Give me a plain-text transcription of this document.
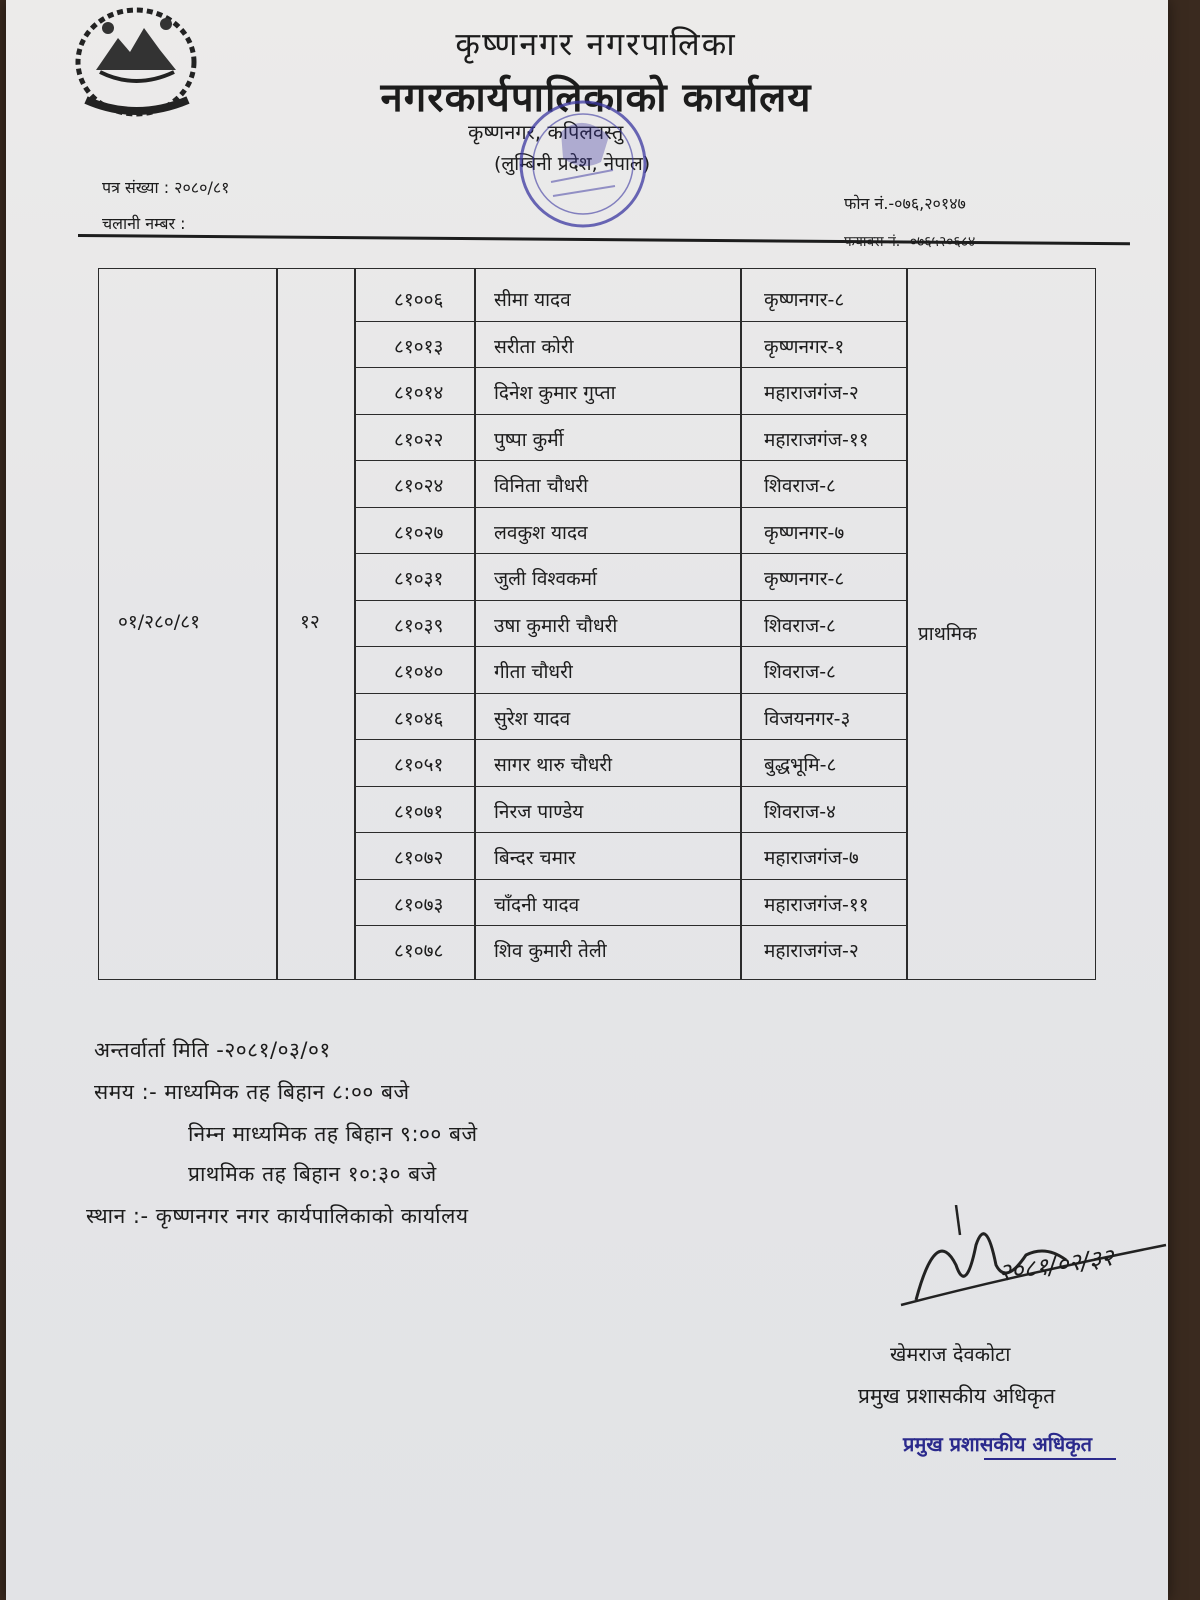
कृष्णनगर नगरपालिका
नगरकार्यपालिकाको कार्यालय
कृष्णनगर, कपिलवस्तु
(लुम्बिनी प्रदेश, नेपाल)
पत्र संख्या : २०८०/८१
चलानी नम्बर :
फोन नं.-०७६,२०१४७
०१/२८०/८१	१२
प्राथमिक
८१००६	सीमा यादव	कृष्णनगर-८
८१०१३	सरीता कोरी	कृष्णनगर-१
८१०१४	दिनेश कुमार गुप्ता	महाराजगंज-२
८१०२२	पुष्पा कुर्मी	महाराजगंज-११
८१०२४	विनिता चौधरी	शिवराज-८
८१०२७	लवकुश यादव	कृष्णनगर-७
८१०३१	जुली विश्वकर्मा	कृष्णनगर-८
८१०३९	उषा कुमारी चौधरी	शिवराज-८
८१०४०	गीता चौधरी	शिवराज-८
८१०४६	सुरेश यादव	विजयनगर-३
८१०५१	सागर थारु चौधरी	बुद्धभूमि-८
८१०७१	निरज पाण्डेय	शिवराज-४
८१०७२	बिन्दर चमार	महाराजगंज-७
८१०७३	चाँदनी यादव	महाराजगंज-११
८१०७८	शिव कुमारी तेली	महाराजगंज-२
अन्तर्वार्ता मिति -२०८१/०३/०१
समय :- माध्यमिक तह बिहान ८:०० बजे
निम्न माध्यमिक तह बिहान ९:०० बजे
प्राथमिक तह बिहान १०:३० बजे
स्थान :- कृष्णनगर नगर कार्यपालिकाको कार्यालय
२०८१/०२/३२
खेमराज देवकोटा
प्रमुख प्रशासकीय अधिकृत
प्रमुख प्रशासकीय अधिकृत
